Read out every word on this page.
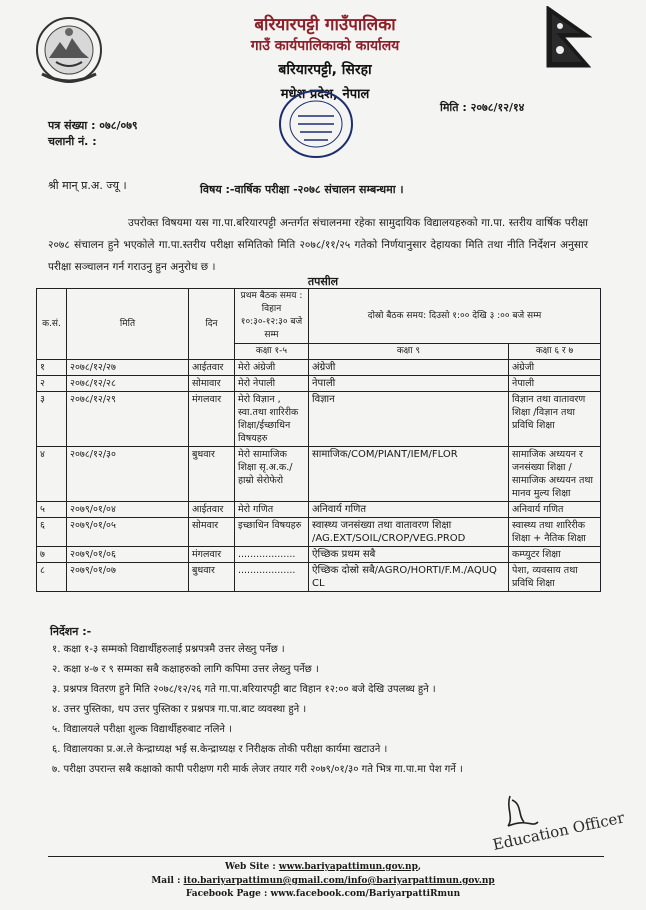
बरियारपट्टी गाउँपालिका
गाउँ कार्यपालिकाको कार्यालय
बरियारपट्टी, सिरहा
मधेश प्रदेश, नेपाल
पत्र संख्या : ०७८/०७९
चलानी नं. :
मिति : २०७८/१२/१४
श्री मान् प्र.अ. ज्यू ।	विषय :-वार्षिक परीक्षा -२०७८ संचालन सम्बन्धमा ।
उपरोक्त विषयमा यस गा.पा.बरियारपट्टी अन्तर्गत संचालनमा रहेका सामुदायिक विद्यालयहरुको गा.पा. स्तरीय वार्षिक परीक्षा २०७८ संचालन हुने भएकोले गा.पा.स्तरीय परीक्षा समितिको मिति २०७८/११/२५ गतेको निर्णयानुसार देहायका मिति तथा नीति निर्देशन अनुसार परीक्षा सञ्चालन गर्न गराउनु हुन अनुरोध छ ।
तपसील
क.सं.	मिति	दिन	प्रथम बैठक समय : विहान १०:३०-१२:३० बजे सम्म	दोस्रो बैठक समय: दिउसो १:०० देखि ३ :०० बजे सम्म	
			कक्षा १-५	कक्षा ९	कक्षा ६ र ७

१	२०७८/१२/२७	आईतवार	मेरो अंग्रेजी	अंग्रेजी	अंग्रेजी
२	२०७८/१२/२८	सोमावार	मेरो नेपाली	नेपाली	नेपाली
३	२०७८/१२/२९	मंगलवार	मेरो विज्ञान , स्वा.तथा शारिरीक शिक्षा/ईच्छाधिन विषयहरु	विज्ञान	विज्ञान तथा वातावरण शिक्षा /विज्ञान तथा प्रविधि शिक्षा
४	२०७८/१२/३०	बुधवार	मेरो सामाजिक शिक्षा सृ.अ.क./हाम्रो सेरोफेरो	सामाजिक/COM/PIANT/IEM/FLOR	सामाजिक अध्ययन र जनसंख्या शिक्षा /सामाजिक अध्ययन तथा मानव मुल्य शिक्षा
५	२०७९/०१/०४	आईतवार	मेरो गणित	अनिवार्य गणित	अनिवार्य गणित
६	२०७९/०१/०५	सोमवार	इच्छाधिन विषयहरु	स्वास्थ्य जनसंख्या तथा वातावरण शिक्षा /AG.EXT/SOIL/CROP/VEG.PROD	स्वास्थ्य तथा शारिरीक शिक्षा + नैतिक शिक्षा
७	२०७९/०१/०६	मंगलवार	...................	ऐच्छिक प्रथम सबै	कम्प्युटर शिक्षा
८	२०७९/०१/०७	बुधवार	...................	ऐच्छिक दोस्रो सबै/AGRO/HORTI/F.M./AQUQ CL	पेशा, व्यवसाय तथा प्रविधि शिक्षा
निर्देशन :-
१. कक्षा १-३ सम्मको विद्यार्थीहरुलाई प्रश्नपत्रमै उत्तर लेख्नु पर्नेछ ।
२. कक्षा ४-७ र ९ सम्मका सबै कक्षाहरुको लागि कपिमा उत्तर लेख्नु पर्नेछ ।
३. प्रश्नपत्र वितरण हुने मिति २०७८/१२/२६ गते गा.पा.बरियारपट्टी बाट विहान १२:०० बजे देखि उपलब्ध हुने ।
४. उत्तर पुस्तिका, थप उत्तर पुस्तिका र प्रश्नपत्र गा.पा.बाट व्यवस्था हुने ।
५. विद्यालयले परीक्षा शुल्क विद्यार्थीहरुबाट नलिने ।
६. विद्यालयका प्र.अ.ले केन्द्राध्यक्ष भई स.केन्द्राध्यक्ष र निरीक्षक तोकी परीक्षा कार्यमा खटाउने ।
७. परीक्षा उपरान्त सबै कक्षाको कापी परीक्षण गरी मार्क लेजर तयार गरी २०७९/०१/३० गते भित्र गा.पा.मा पेश गर्ने ।
Education Officer
Web Site : www.bariyapattimun.gov.np,
Mail : ito.bariyarpattimun@gmail.com/info@bariyarpattimun.gov.np
Facebook Page : www.facebook.com/BariyarpattiRmun
